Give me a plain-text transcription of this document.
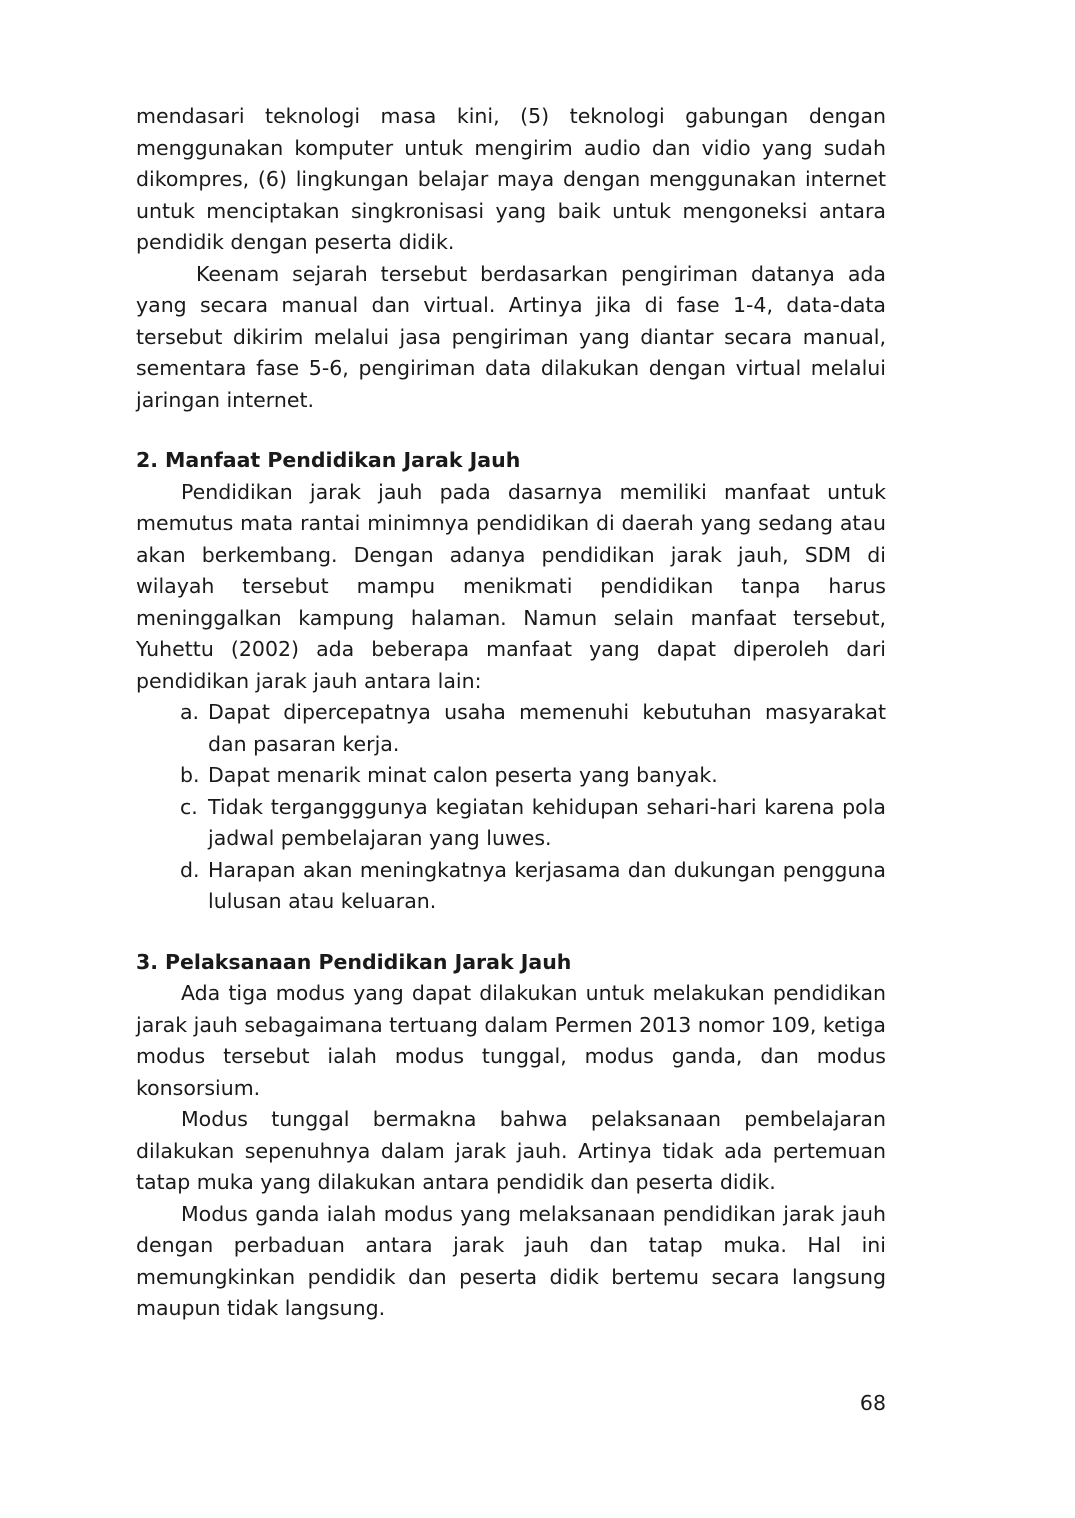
mendasari teknologi masa kini, (5) teknologi gabungan dengan menggunakan komputer untuk mengirim audio dan vidio yang sudah dikompres, (6) lingkungan belajar maya dengan menggunakan internet untuk menciptakan singkronisasi yang baik untuk mengoneksi antara pendidik dengan peserta didik.

Keenam sejarah tersebut berdasarkan pengiriman datanya ada yang secara manual dan virtual. Artinya jika di fase 1-4, data-data tersebut dikirim melalui jasa pengiriman yang diantar secara manual, sementara fase 5-6, pengiriman data dilakukan dengan virtual melalui jaringan internet.

2. Manfaat Pendidikan Jarak Jauh

Pendidikan jarak jauh pada dasarnya memiliki manfaat untuk memutus mata rantai minimnya pendidikan di daerah yang sedang atau akan berkembang. Dengan adanya pendidikan jarak jauh, SDM di wilayah tersebut mampu menikmati pendidikan tanpa harus meninggalkan kampung halaman. Namun selain manfaat tersebut, Yuhettu (2002) ada beberapa manfaat yang dapat diperoleh dari pendidikan jarak jauh antara lain:

a. Dapat dipercepatnya usaha memenuhi kebutuhan masyarakat dan pasaran kerja.
b. Dapat menarik minat calon peserta yang banyak.
c. Tidak tergangggunya kegiatan kehidupan sehari-hari karena pola jadwal pembelajaran yang luwes.
d. Harapan akan meningkatnya kerjasama dan dukungan pengguna lulusan atau keluaran.
3. Pelaksanaan Pendidikan Jarak Jauh

Ada tiga modus yang dapat dilakukan untuk melakukan pendidikan jarak jauh sebagaimana tertuang dalam Permen 2013 nomor 109, ketiga modus tersebut ialah modus tunggal, modus ganda, dan modus konsorsium.

Modus tunggal bermakna bahwa pelaksanaan pembelajaran dilakukan sepenuhnya dalam jarak jauh. Artinya tidak ada pertemuan tatap muka yang dilakukan antara pendidik dan peserta didik.

Modus ganda ialah modus yang melaksanaan pendidikan jarak jauh dengan perbaduan antara jarak jauh dan tatap muka. Hal ini memungkinkan pendidik dan peserta didik bertemu secara langsung maupun tidak langsung.

68
